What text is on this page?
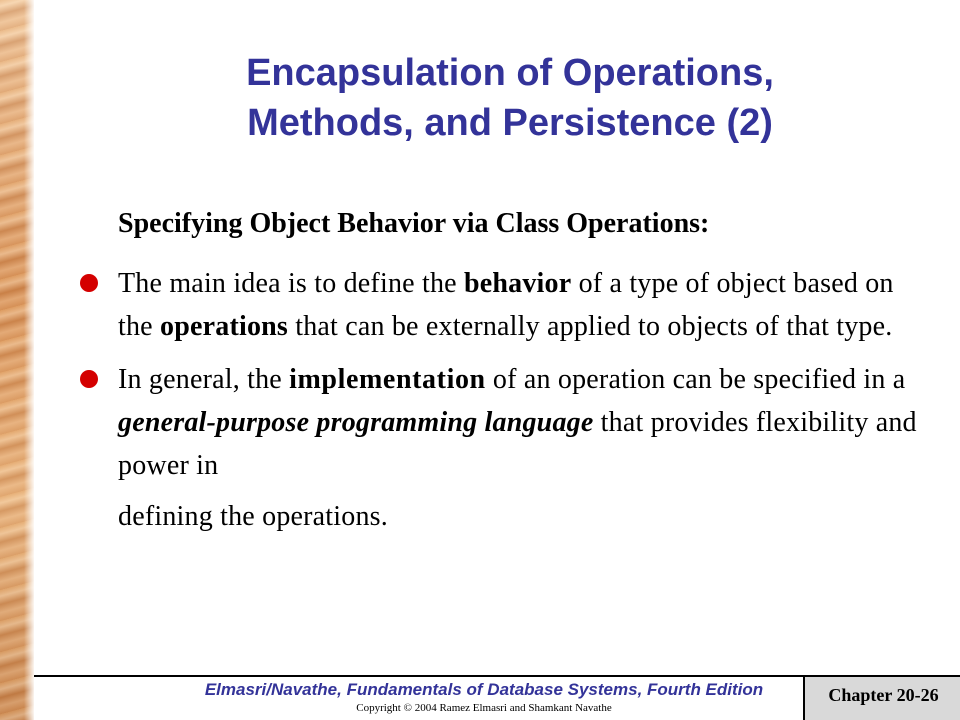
Encapsulation of Operations,
Methods, and Persistence (2)
Specifying Object Behavior via Class Operations:
The main idea is to define the behavior of a type of object based on the operations that can be externally applied to objects of that type.
In general, the implementation of an operation can be specified in a general-purpose programming language that provides flexibility and power in
defining the operations.
Elmasri/Navathe, Fundamentals of Database Systems, Fourth Edition
Copyright © 2004 Ramez Elmasri and Shamkant Navathe
Chapter 20-26
